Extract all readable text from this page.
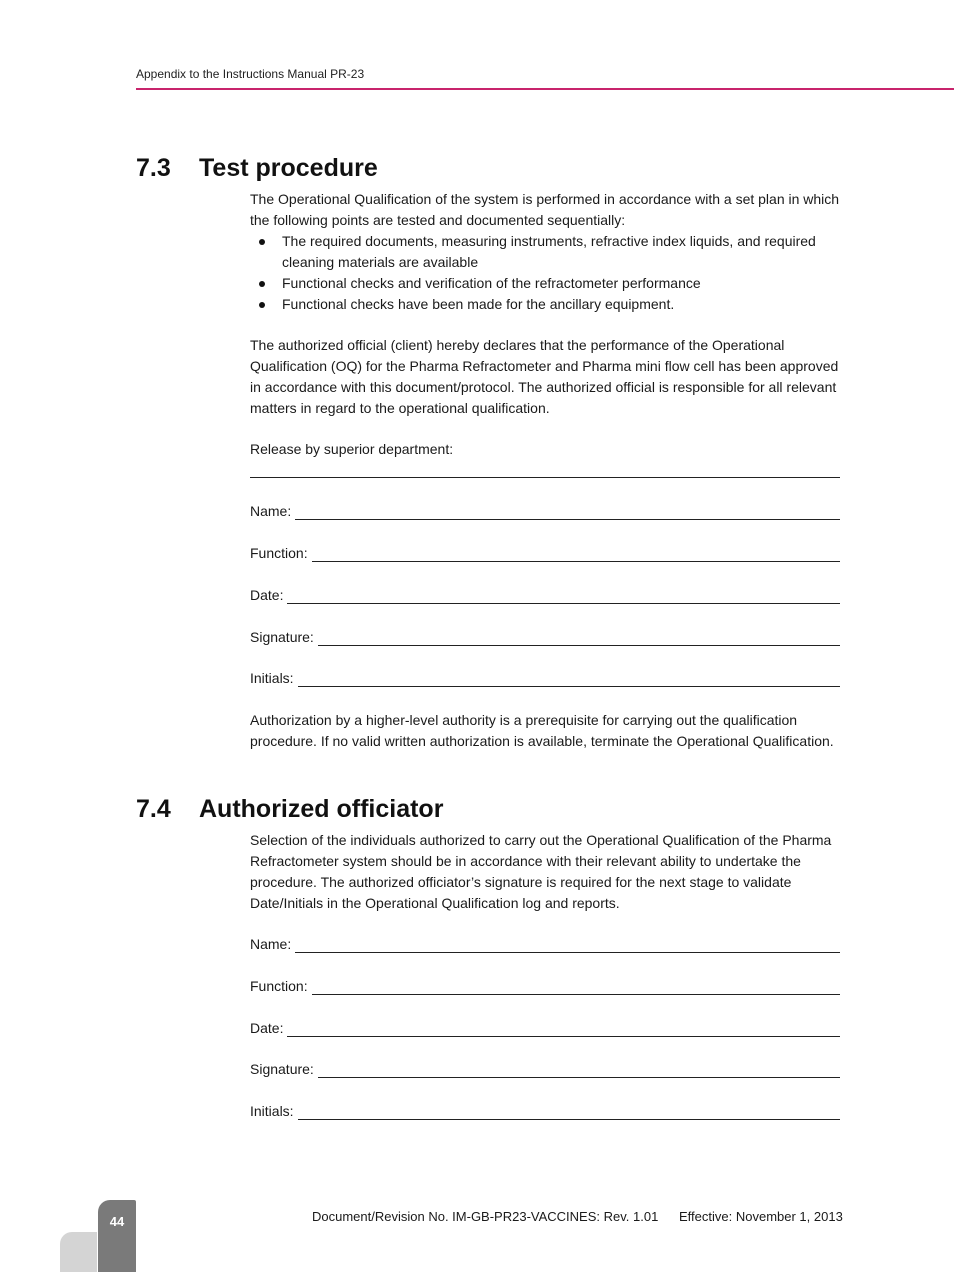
Appendix to the Instructions Manual PR-23
7.3 Test procedure

The Operational Qualification of the system is performed in accordance with a set plan in which the following points are tested and documented sequentially:

The required documents, measuring instruments, refractive index liquids, and required cleaning materials are available
Functional checks and verification of the refractometer performance
Functional checks have been made for the ancillary equipment.

The authorized official (client) hereby declares that the performance of the Operational Qualification (OQ) for the Pharma Refractometer and Pharma mini flow cell has been approved in accordance with this document/protocol. The authorized official is responsible for all relevant matters in regard to the operational qualification.

Release by superior department:

Name:
Function:
Date:
Signature:
Initials:

Authorization by a higher-level authority is a prerequisite for carrying out the qualification procedure. If no valid written authorization is available, terminate the Operational Qualification.

7.4 Authorized officiator

Selection of the individuals authorized to carry out the Operational Qualification of the Pharma Refractometer system should be in accordance with their relevant ability to undertake the procedure. The authorized officiator’s signature is required for the next stage to validate Date/Initials in the Operational Qualification log and reports.

Name:
Function:
Date:
Signature:
Initials:
44	Document/Revision No. IM-GB-PR23-VACCINES: Rev. 1.01 Effective: November 1, 2013
